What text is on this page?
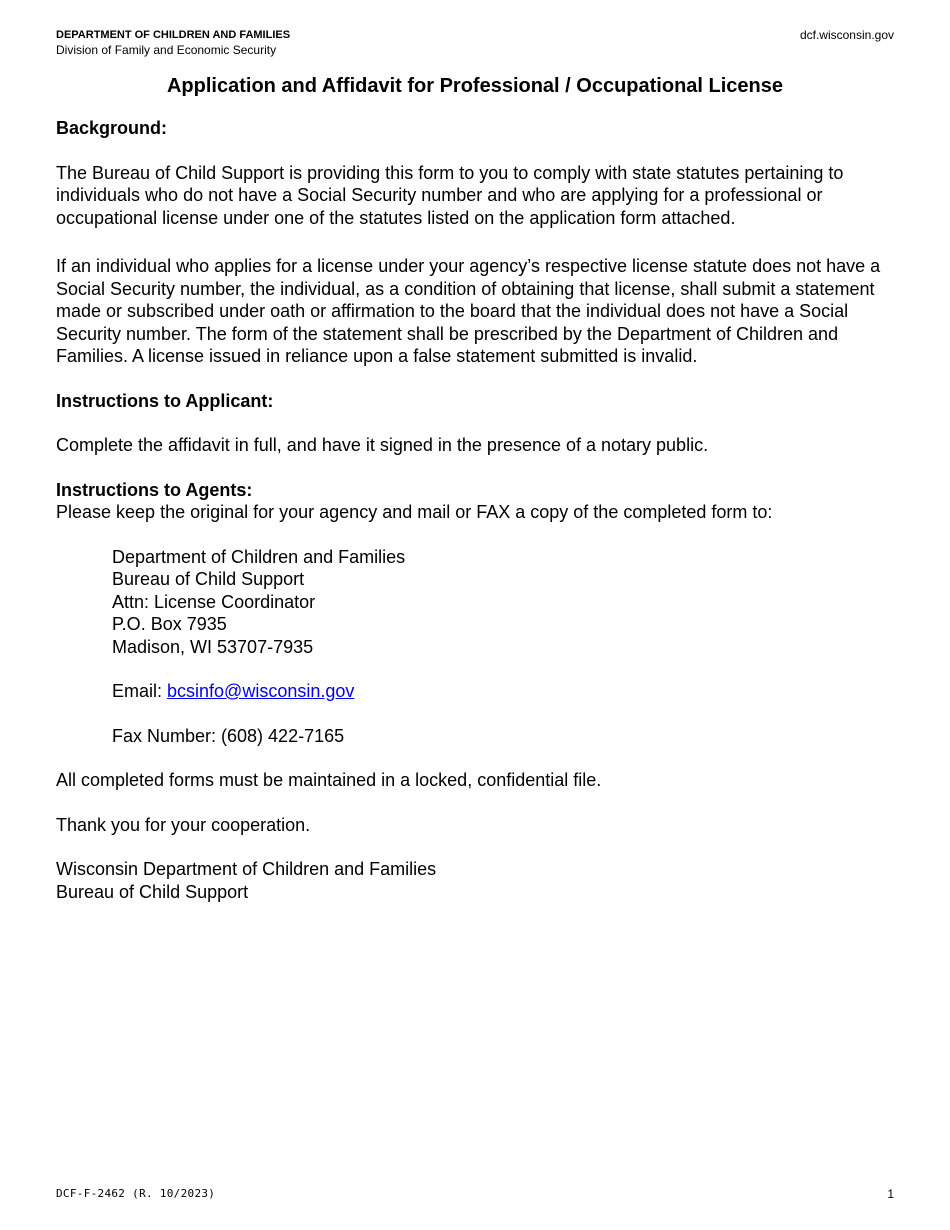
DEPARTMENT OF CHILDREN AND FAMILIES
Division of Family and Economic Security
dcf.wisconsin.gov
Application and Affidavit for Professional / Occupational License

Background:

The Bureau of Child Support is providing this form to you to comply with state statutes pertaining to individuals who do not have a Social Security number and who are applying for a professional or occupational license under one of the statutes listed on the application form attached.

If an individual who applies for a license under your agency’s respective license statute does not have a Social Security number, the individual, as a condition of obtaining that license, shall submit a statement made or subscribed under oath or affirmation to the board that the individual does not have a Social Security number. The form of the statement shall be prescribed by the Department of Children and Families. A license issued in reliance upon a false statement submitted is invalid.

Instructions to Applicant:

Complete the affidavit in full, and have it signed in the presence of a notary public.

Instructions to Agents:

Please keep the original for your agency and mail or FAX a copy of the completed form to:

Department of Children and Families

Bureau of Child Support

Attn: License Coordinator

P.O. Box 7935

Madison, WI 53707-7935

Email: bcsinfo@wisconsin.gov

Fax Number: (608) 422-7165

All completed forms must be maintained in a locked, confidential file.

Thank you for your cooperation.

Wisconsin Department of Children and Families

Bureau of Child Support

DCF-F-2462 (R. 10/2023)	1
